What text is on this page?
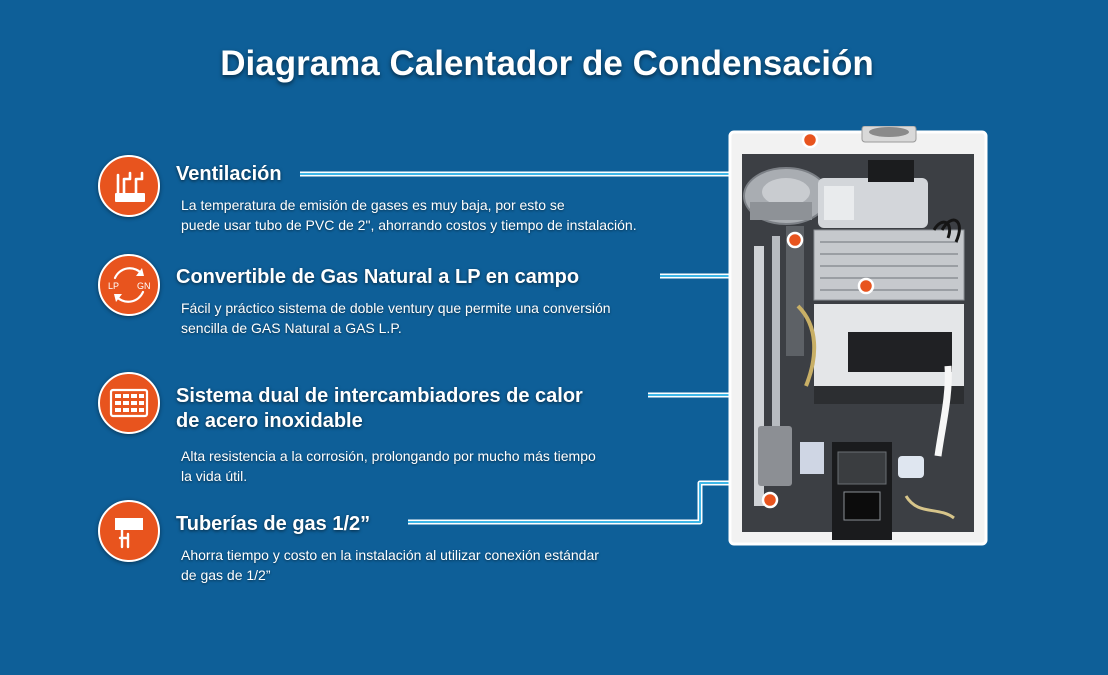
Diagrama Calentador de Condensación
Ventilación
La temperatura de emisión de gases es muy baja, por esto se
puede usar tubo de PVC de 2", ahorrando costos y tiempo de instalación.
LP GN Convertible de Gas Natural a LP en campo
Fácil y práctico sistema de doble ventury que permite una conversión
sencilla de GAS Natural a GAS L.P.
Sistema dual de intercambiadores de calor
de acero inoxidable
Alta resistencia a la corrosión, prolongando por mucho más tiempo
la vida útil.
Tuberías de gas 1/2”
Ahorra tiempo y costo en la instalación al utilizar conexión estándar
de gas de 1/2”
